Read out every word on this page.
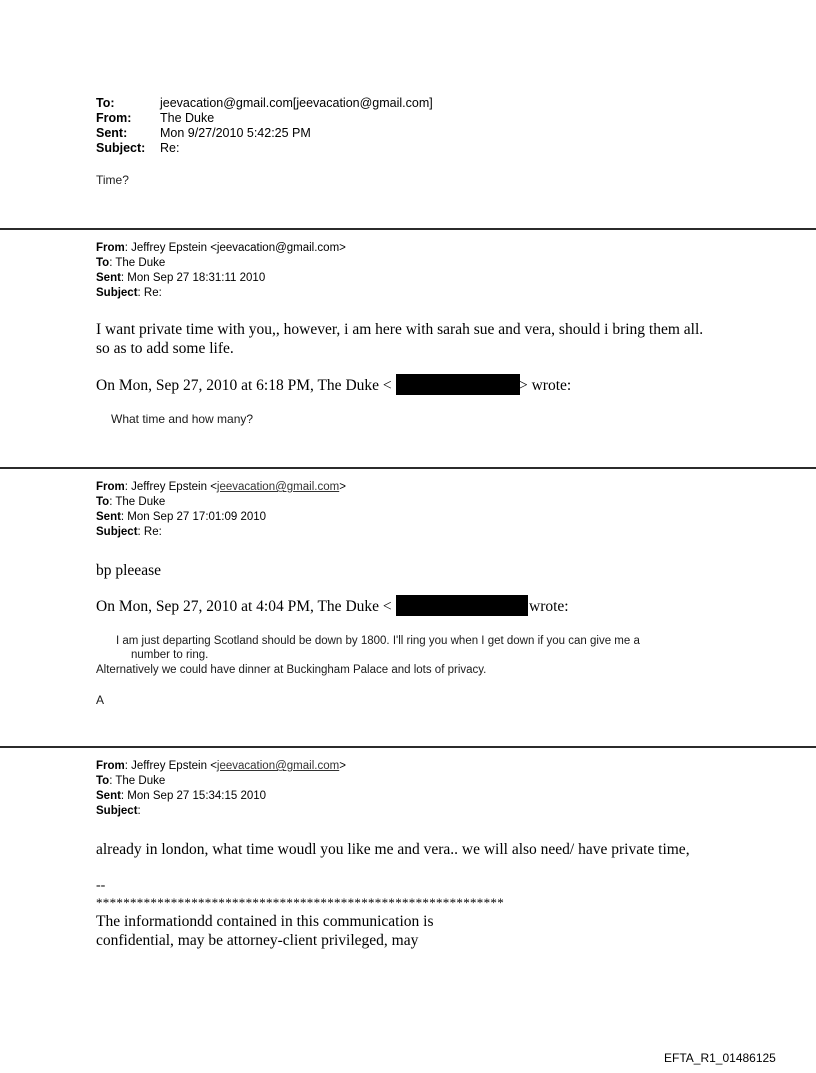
To:	jeevacation@gmail.com[jeevacation@gmail.com]
From: The Duke
Sent:	Mon 9/27/2010 5:42:25 PM
Subject: Re:
Time?
From: Jeffrey Epstein <jeevacation@gmail.com>
To: The Duke
Sent: Mon Sep 27 18:31:11 2010
Subject: Re:
I want private time with you,, however, i am here with sarah sue and vera, should i bring them all.
so as to add some life.
On Mon, Sep 27, 2010 at 6:18 PM, The Duke <	> wrote:
What time and how many?
From: Jeffrey Epstein <jeevacation@gmail.com>
To: The Duke
Sent: Mon Sep 27 17:01:09 2010
Subject: Re:
bp pleease
On Mon, Sep 27, 2010 at 4:04 PM, The Duke <	wrote:
I am just departing Scotland should be down by 1800. I'll ring you when I get down if you can give me a
number to ring.
Alternatively we could have dinner at Buckingham Palace and lots of privacy.
A
From: Jeffrey Epstein <jeevacation@gmail.com>
To: The Duke
Sent: Mon Sep 27 15:34:15 2010
Subject:
already in london, what time woudl you like me and vera.. we will also need/ have private time,
--
************************************************************
The informationdd contained in this communication is
confidential, may be attorney-client privileged, may
EFTA_R1_01486125
